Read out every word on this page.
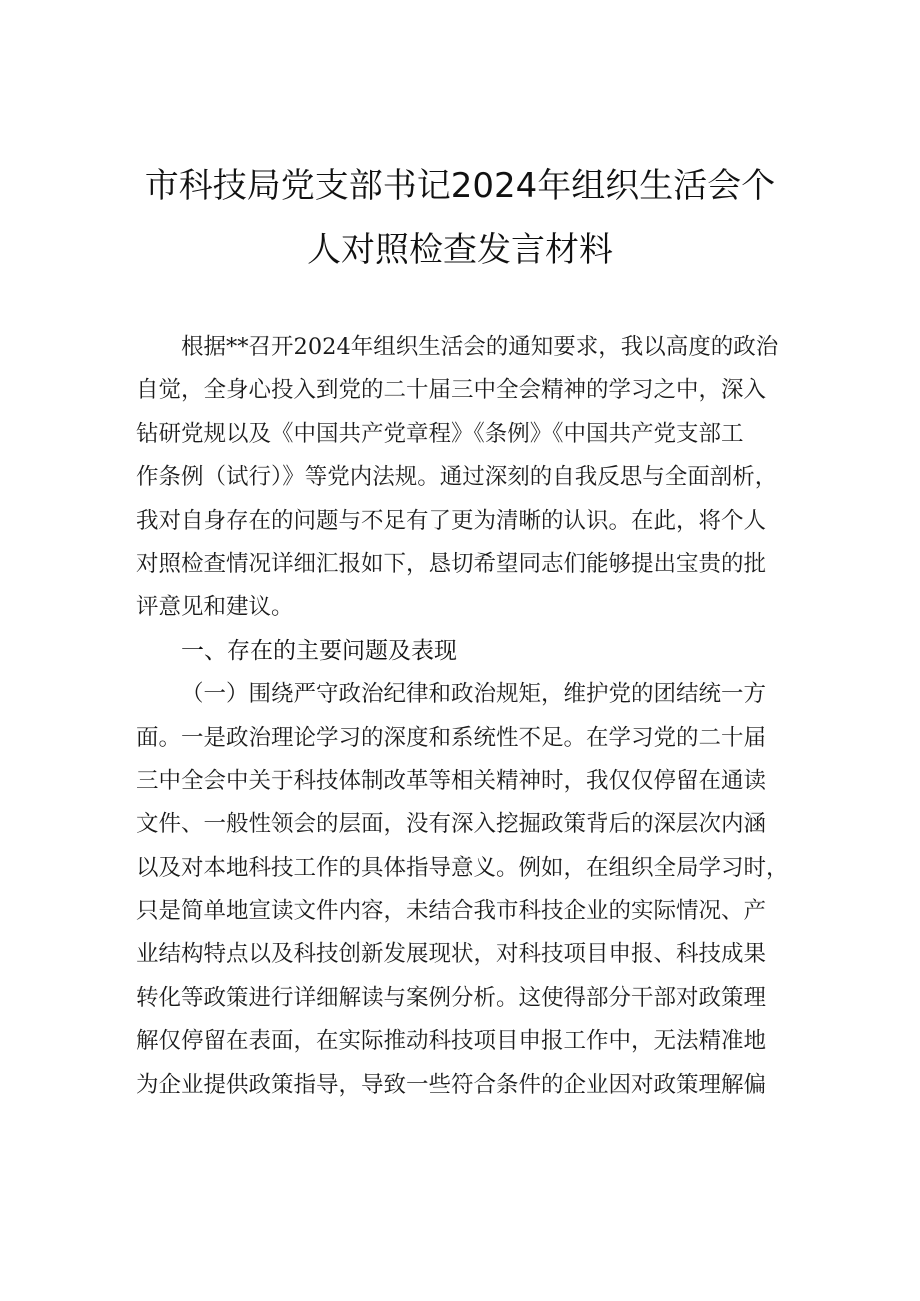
市科技局党支部书记2024年组织生活会个
人对照检查发言材料
根据**召开2024年组织生活会的通知要求，我以高度的政治
自觉，全身心投入到党的二十届三中全会精神的学习之中，深入
钻研党规以及《中国共产党章程》《条例》《中国共产党支部工
作条例（试行）》等党内法规。通过深刻的自我反思与全面剖析，
我对自身存在的问题与不足有了更为清晰的认识。在此，将个人
对照检查情况详细汇报如下，恳切希望同志们能够提出宝贵的批
评意见和建议。
一、存在的主要问题及表现
（一）围绕严守政治纪律和政治规矩，维护党的团结统一方
面。一是政治理论学习的深度和系统性不足。在学习党的二十届
三中全会中关于科技体制改革等相关精神时，我仅仅停留在通读
文件、一般性领会的层面，没有深入挖掘政策背后的深层次内涵
以及对本地科技工作的具体指导意义。例如，在组织全局学习时，
只是简单地宣读文件内容，未结合我市科技企业的实际情况、产
业结构特点以及科技创新发展现状，对科技项目申报、科技成果
转化等政策进行详细解读与案例分析。这使得部分干部对政策理
解仅停留在表面，在实际推动科技项目申报工作中，无法精准地
为企业提供政策指导，导致一些符合条件的企业因对政策理解偏
